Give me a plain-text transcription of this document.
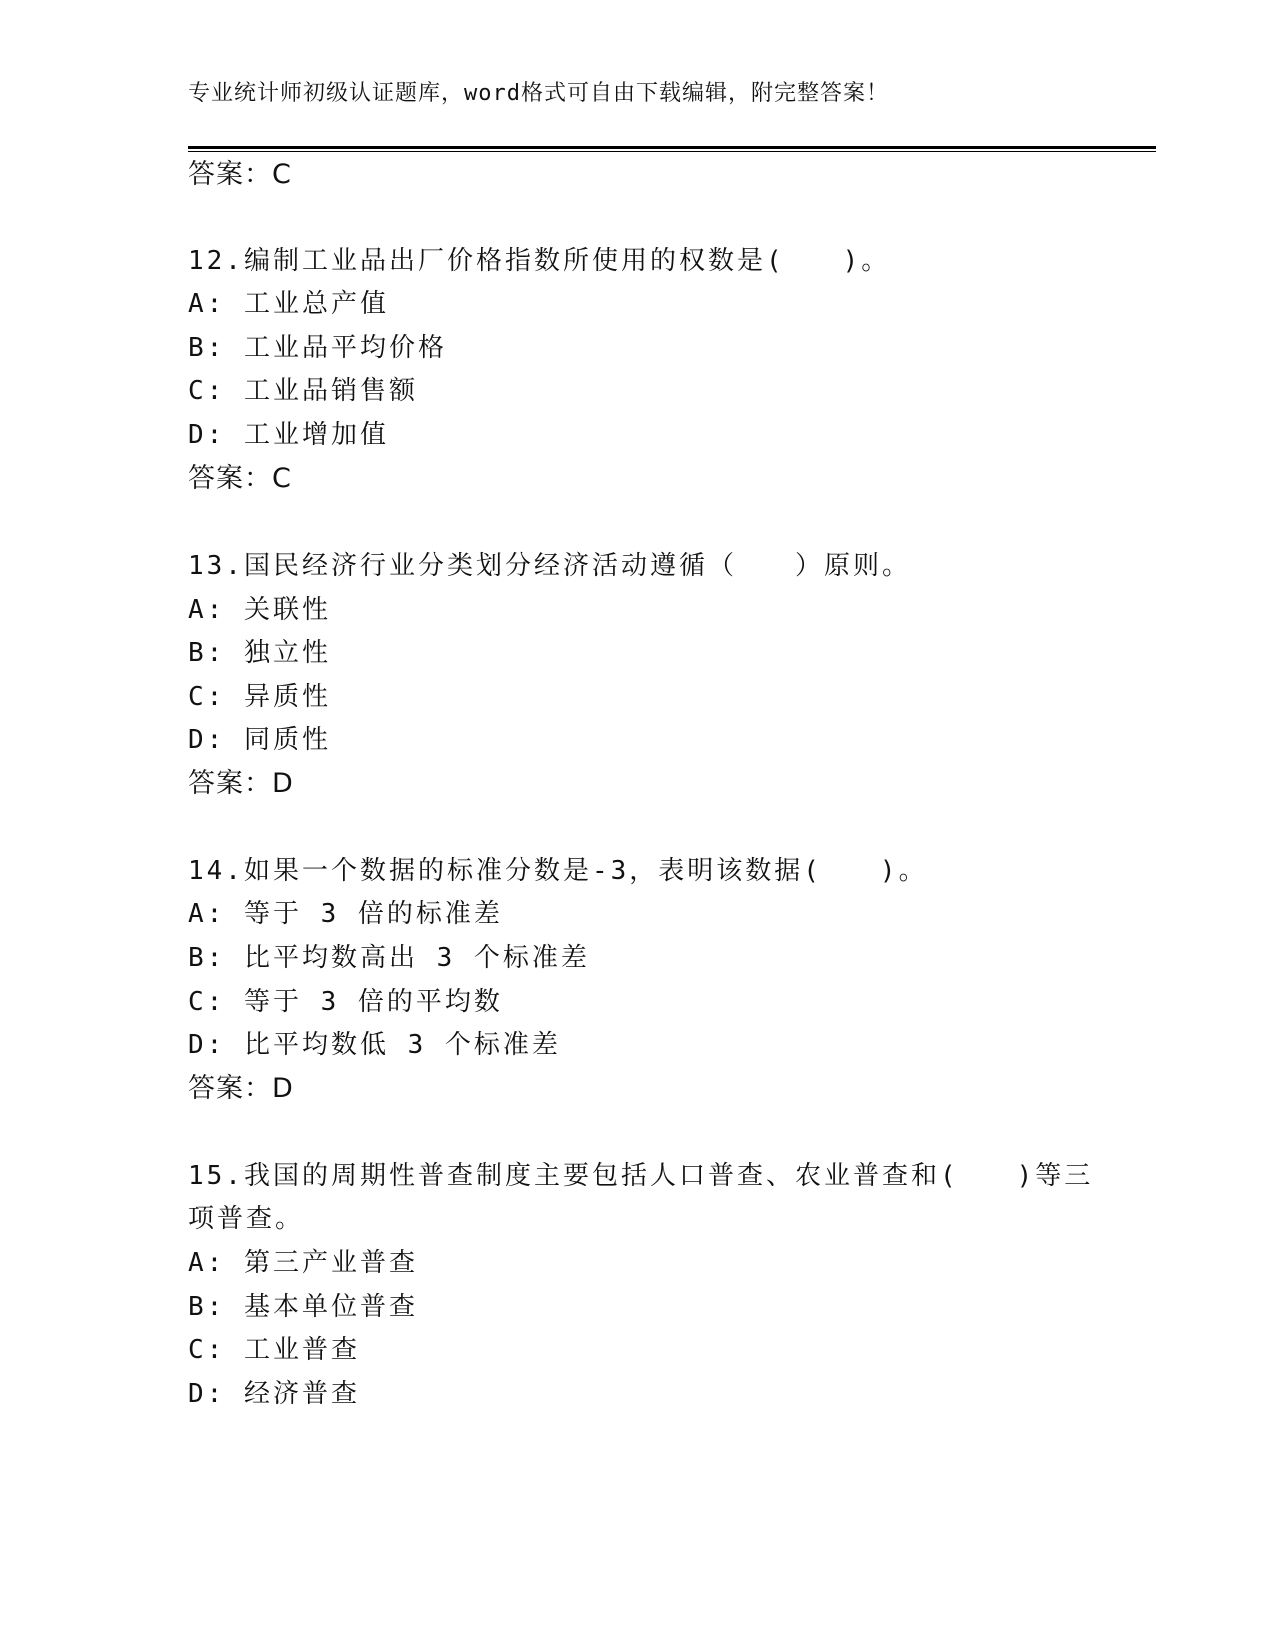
专业统计师初级认证题库，word格式可自由下载编辑，附完整答案！
答案：C
12.编制工业品出厂价格指数所使用的权数是(　　)。
A: 工业总产值
B: 工业品平均价格
C: 工业品销售额
D: 工业增加值
答案：C
13.国民经济行业分类划分经济活动遵循（　　）原则。
A: 关联性
B: 独立性
C: 异质性
D: 同质性
答案：D
14.如果一个数据的标准分数是-3，表明该数据(　　)。
A: 等于 3 倍的标准差
B: 比平均数高出 3 个标准差
C: 等于 3 倍的平均数
D: 比平均数低 3 个标准差
答案：D
15.我国的周期性普查制度主要包括人口普查、农业普查和(　　)等三
项普查。
A: 第三产业普查
B: 基本单位普查
C: 工业普查
D: 经济普查
